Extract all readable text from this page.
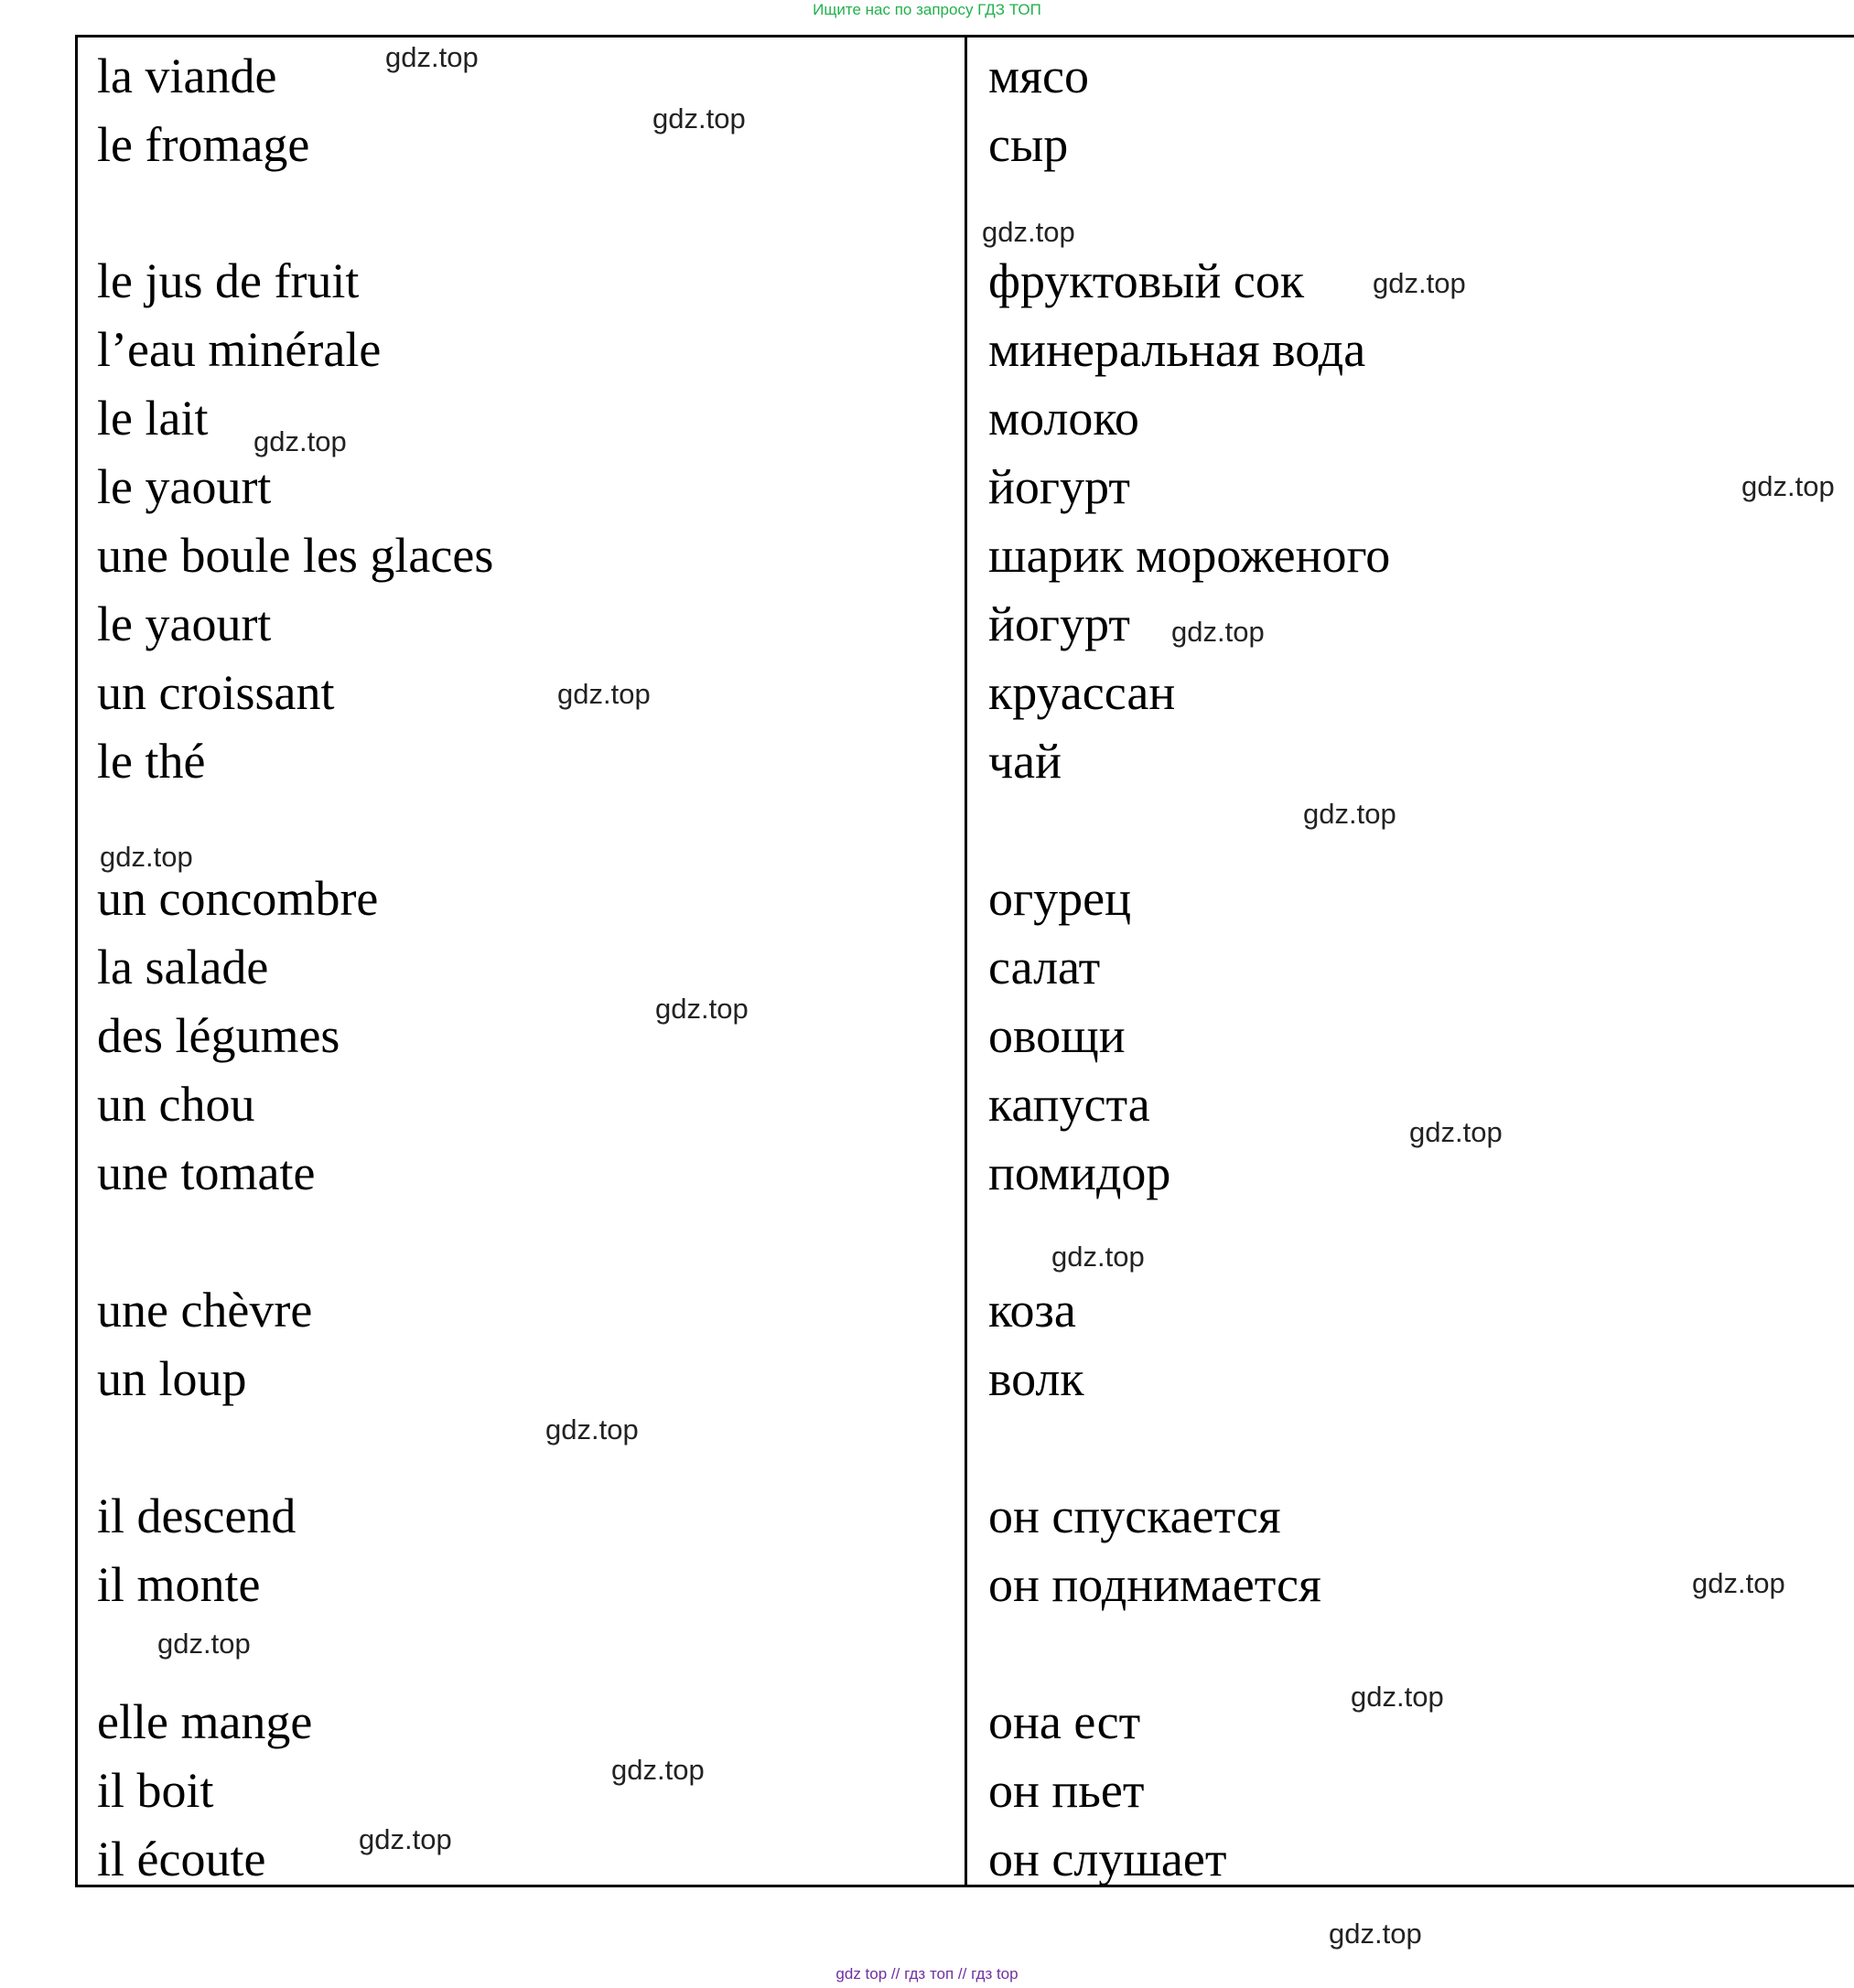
Ищите нас по запросу ГДЗ ТОП
la viande
le fromage
le jus de fruit
l’eau minérale
le lait
le yaourt
une boule les glaces
le yaourt
un croissant
le thé
un concombre
la salade
des légumes
un chou
une tomate
une chèvre
un loup
il descend
il monte
elle mange
il boit
il écoute
мясо
сыр
фруктовый сок
минеральная вода
молоко
йогурт
шарик мороженого
йогурт
круассан
чай
огурец
салат
овощи
капуста
помидор
коза
волк
он спускается
он поднимается
она ест
он пьет
он слушает
gdz.top
gdz.top
gdz.top
gdz.top
gdz.top
gdz.top
gdz.top
gdz.top
gdz.top
gdz.top
gdz.top
gdz.top
gdz.top
gdz.top
gdz.top
gdz.top
gdz.top
gdz.top
gdz.top
gdz.top
gdz top // гдз топ // гдз top
